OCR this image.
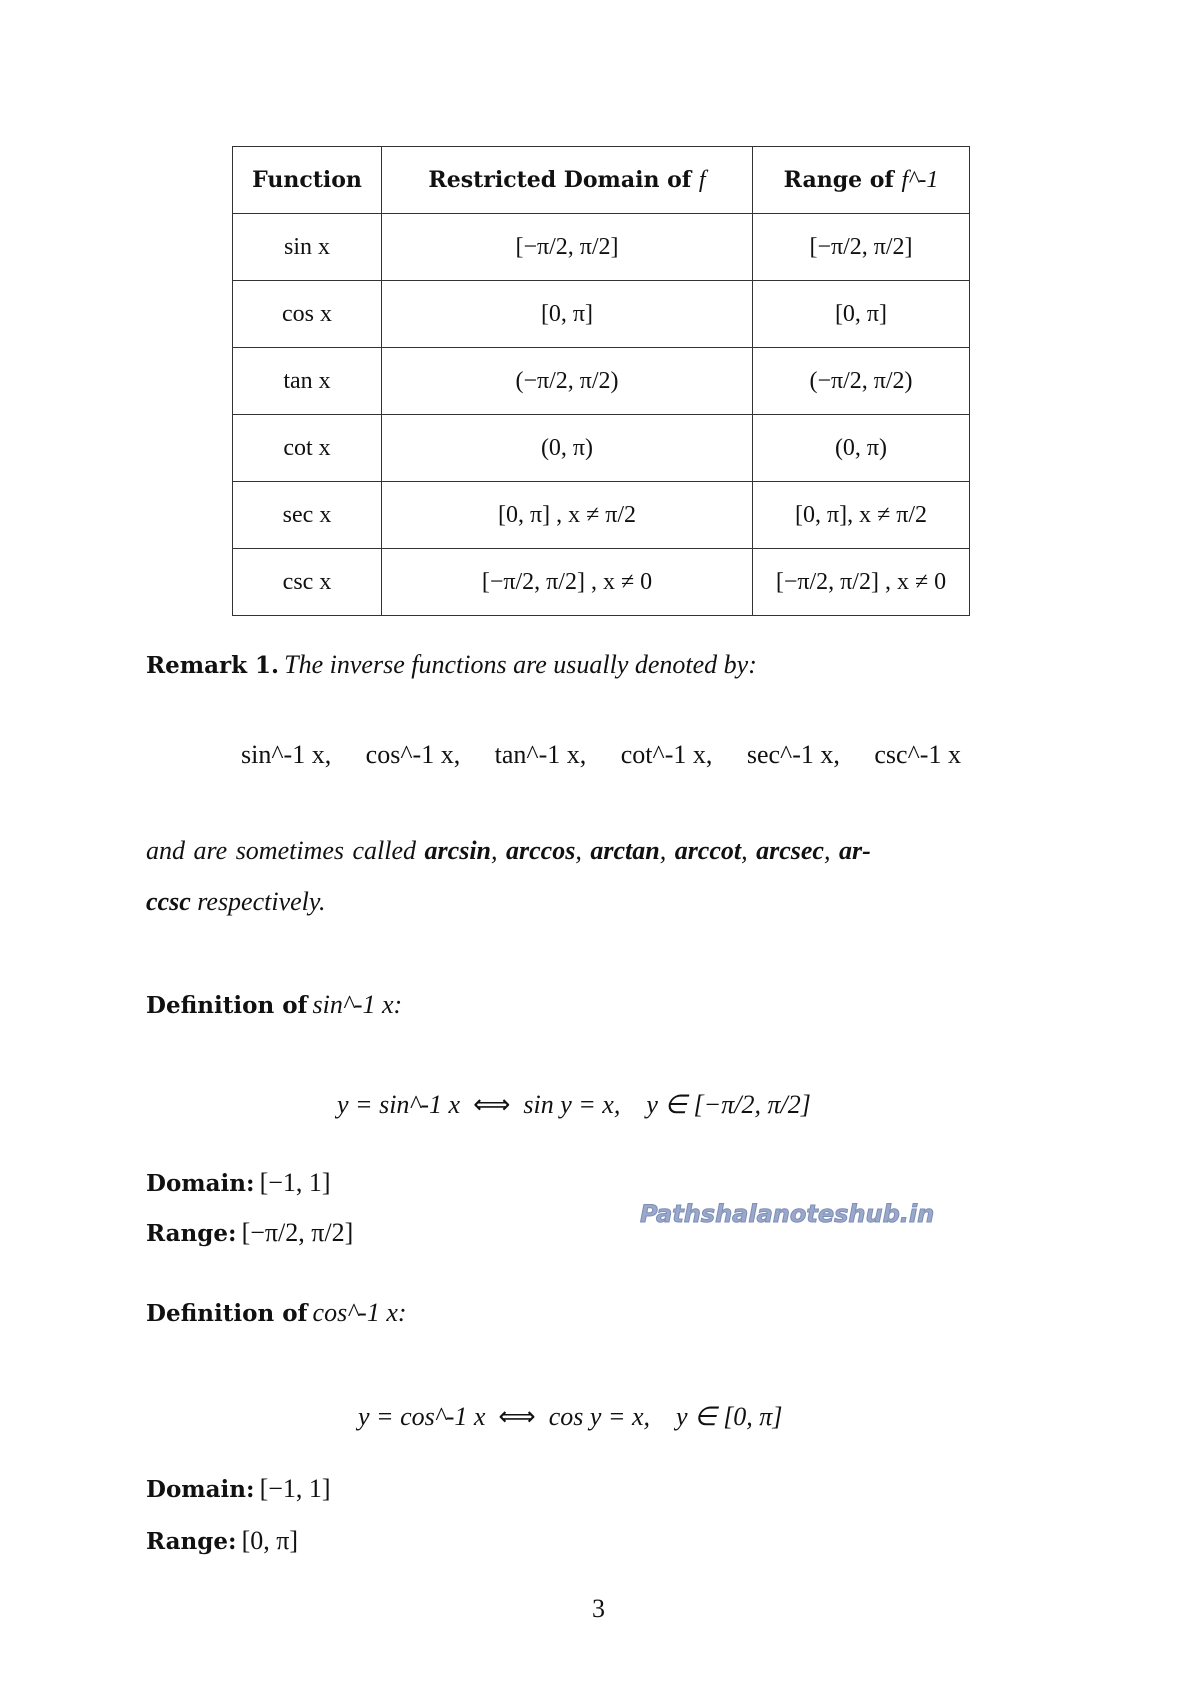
Function	Restricted Domain of f	Range of f^-1
sin x	[−π/2, π/2]	[−π/2, π/2]
cos x	[0, π]	[0, π]
tan x	(−π/2, π/2)	(−π/2, π/2)
cot x	(0, π)	(0, π)
sec x	[0, π] , x ≠ π/2	[0, π], x ≠ π/2
csc x	[−π/2, π/2] , x ≠ 0	[−π/2, π/2] , x ≠ 0
Remark 1. The inverse functions are usually denoted by:
sin^-1 x, cos^-1 x, tan^-1 x, cot^-1 x, sec^-1 x, csc^-1 x
and are sometimes called arcsin, arccos, arctan, arccot, arcsec, ar-
ccsc respectively.
Pathshalanoteshub.in
Definition of sin^-1 x:
y = sin^-1 x ⟺ sin y = x, y ∈ [−π/2, π/2]
Domain: [−1, 1]
Range: [−π/2, π/2]
Definition of cos^-1 x:
y = cos^-1 x ⟺ cos y = x, y ∈ [0, π]
Domain: [−1, 1]
Range: [0, π]
3
